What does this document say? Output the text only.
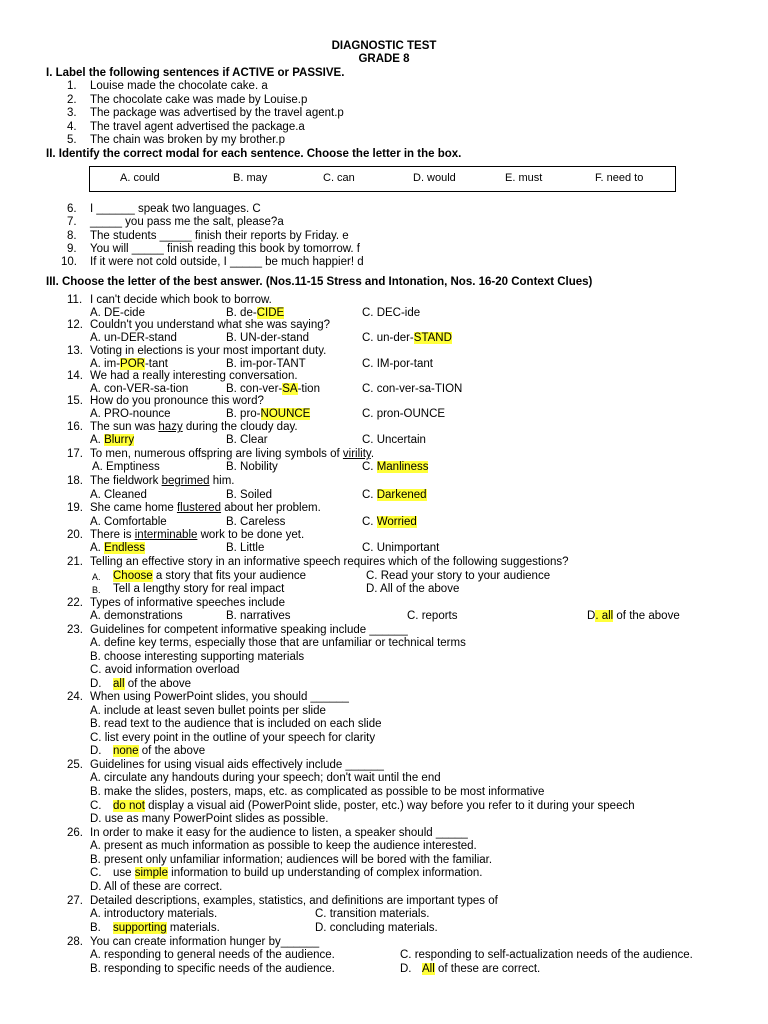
DIAGNOSTIC TEST
GRADE 8
I. Label the following sentences if ACTIVE or PASSIVE.
1. Louise made the chocolate cake. a
2. The chocolate cake was made by Louise.p
3. The package was advertised by the travel agent.p
4. The travel agent advertised the package.a
5. The chain was broken by my brother.p
II. Identify the correct modal for each sentence. Choose the letter in the box.
A. could	B. may	C. can	D. would	E. must	F. need to
6. I ______ speak two languages. C
7. _____ you pass me the salt, please?a
8. The students _____ finish their reports by Friday. e
9. You will _____ finish reading this book by tomorrow. f
10. If it were not cold outside, I _____ be much happier! d
III. Choose the letter of the best answer. (Nos.11-15 Stress and Intonation, Nos. 16-20 Context Clues)
11. I can't decide which book to borrow.
A. DE-cide	B. de-CIDE	C. DEC-ide
12. Couldn't you understand what she was saying?
A. un-DER-stand	B. UN-der-stand	C. un-der-STAND
13. Voting in elections is your most important duty.
A. im-POR-tant	B. im-por-TANT	C. IM-por-tant
14. We had a really interesting conversation.
A. con-VER-sa-tion	B. con-ver-SA-tion	C. con-ver-sa-TION
15. How do you pronounce this word?
A. PRO-nounce	B. pro-NOUNCE	C. pron-OUNCE
16. The sun was hazy during the cloudy day.
A. Blurry	B. Clear	C. Uncertain
17. To men, numerous offspring are living symbols of virility.
A. Emptiness	B. Nobility	C. Manliness
18. The fieldwork begrimed him.
A. Cleaned	B. Soiled	C. Darkened
19. She came home flustered about her problem.
A. Comfortable	B. Careless	C. Worried
20. There is interminable work to be done yet.
A. Endless	B. Little	C. Unimportant
21. Telling an effective story in an informative speech requires which of the following suggestions?
A. Choose a story that fits your audience	C. Read your story to your audience
B. Tell a lengthy story for real impact	D. All of the above
22. Types of informative speeches include
A. demonstrations	B. narratives	C. reports	D. all of the above
23. Guidelines for competent informative speaking include ______
A. define key terms, especially those that are unfamiliar or technical terms
B. choose interesting supporting materials
C. avoid information overload
D. all of the above
24. When using PowerPoint slides, you should ______
A. include at least seven bullet points per slide
B. read text to the audience that is included on each slide
C. list every point in the outline of your speech for clarity
D. none of the above
25. Guidelines for using visual aids effectively include ______
A. circulate any handouts during your speech; don't wait until the end
B. make the slides, posters, maps, etc. as complicated as possible to be most informative
C. do not display a visual aid (PowerPoint slide, poster, etc.) way before you refer to it during your speech
D. use as many PowerPoint slides as possible.
26. In order to make it easy for the audience to listen, a speaker should _____
A. present as much information as possible to keep the audience interested.
B. present only unfamiliar information; audiences will be bored with the familiar.
C. use simple information to build up understanding of complex information.
D. All of these are correct.
27. Detailed descriptions, examples, statistics, and definitions are important types of
A. introductory materials.	C. transition materials.
B. supporting materials.	D. concluding materials.
28. You can create information hunger by______
A. responding to general needs of the audience.	C. responding to self-actualization needs of the audience.
B. responding to specific needs of the audience.	D. All of these are correct.
